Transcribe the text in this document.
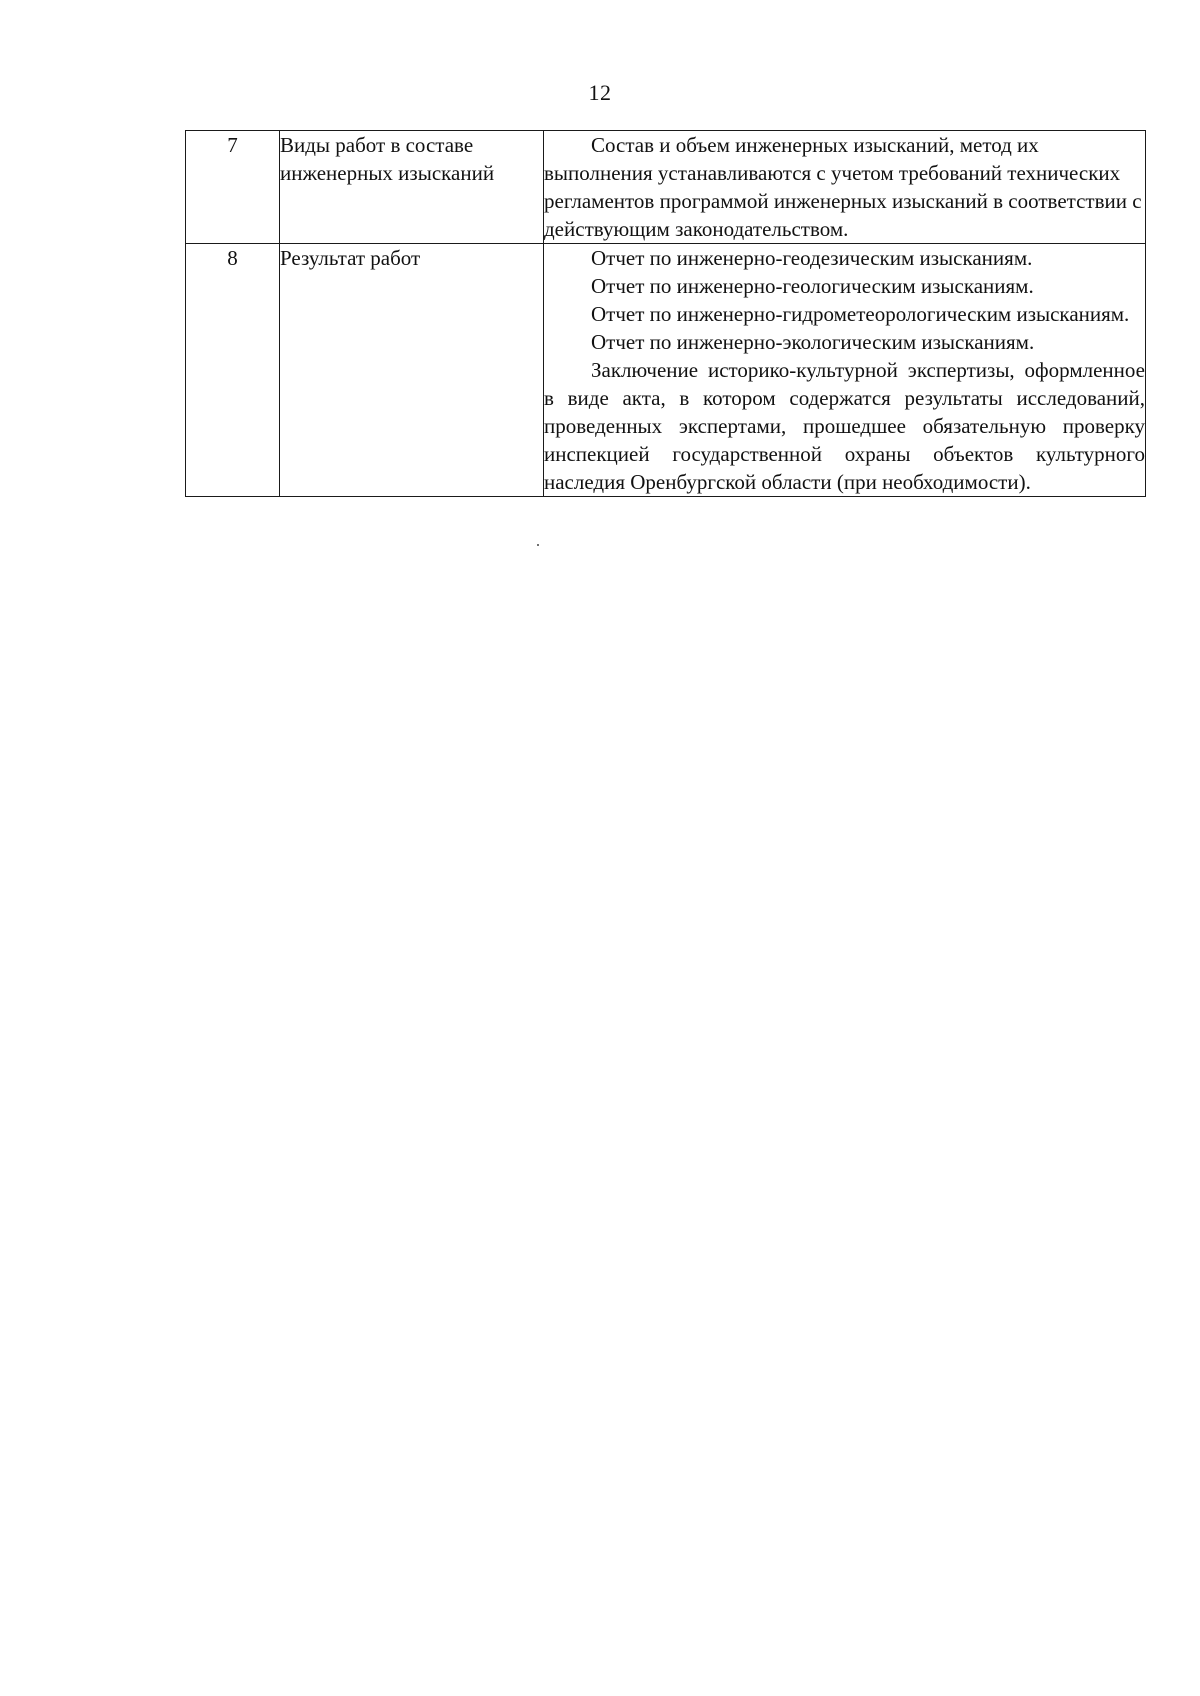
12
7	Виды работ в составе инженерных изысканий	Состав и объем инженерных изысканий, метод их выполнения устанавливаются с учетом требований технических регламентов программой инженерных изысканий в соответствии с действующим законодательством.

8	Результат работ	Отчет по инженерно-геодезическим изысканиям.

Отчет по инженерно-геологическим изысканиям.

Отчет по инженерно-гидрометеорологическим изысканиям.

Отчет по инженерно-экологическим изысканиям.

Заключение историко-культурной экспертизы, оформленное в виде акта, в котором содержатся результаты исследований, проведенных экспертами, прошедшее обязательную проверку инспекцией государственной охраны объектов культурного наследия Оренбургской области (при необходимости).
